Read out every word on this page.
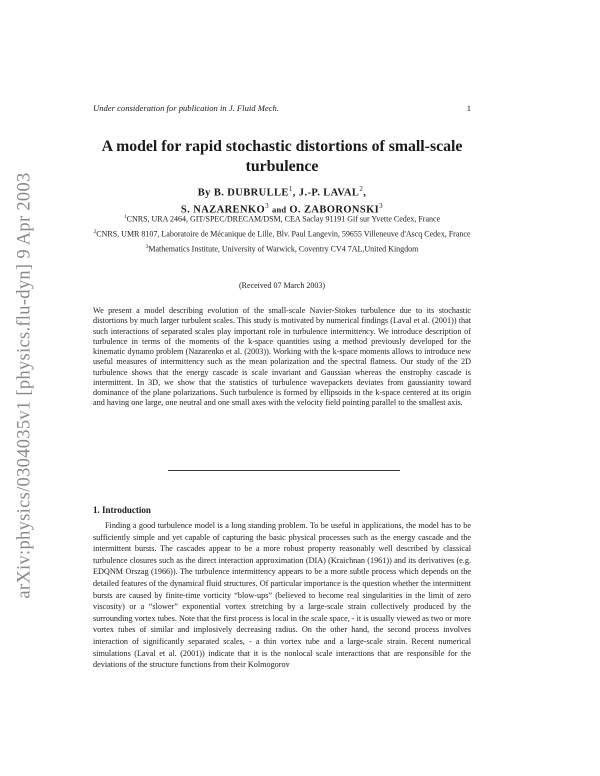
arXiv:physics/0304035v1 [physics.flu-dyn] 9 Apr 2003
Under consideration for publication in J. Fluid Mech.	1
A model for rapid stochastic distortions of small-scale turbulence
By B. DUBRULLE$^1$, J.-P. LAVAL$^2$,
S. NAZARENKO$^3$ and O. ZABORONSKI$^3$
$^1$CNRS, URA 2464, GIT/SPEC/DRECAM/DSM, CEA Saclay 91191 Gif sur Yvette Cedex, France
$^2$CNRS, UMR 8107, Laboratoire de Mécanique de Lille, Blv. Paul Langevin, 59655 Villeneuve d'Ascq Cedex, France
$^3$Mathematics Institute, University of Warwick, Coventry CV4 7AL,United Kingdom
(Received 07 March 2003)
We present a model describing evolution of the small-scale Navier-Stokes turbulence due to its stochastic distortions by much larger turbulent scales. This study is motivated by numerical findings (Laval et al. (2001)) that such interactions of separated scales play important role in turbulence intermittency. We introduce description of turbulence in terms of the moments of the k-space quantities using a method previously developed for the kinematic dynamo problem (Nazarenko et al. (2003)). Working with the k-space moments allows to introduce new useful measures of intermittency such as the mean polarization and the spectral flatness. Our study of the 2D turbulence shows that the energy cascade is scale invariant and Gaussian whereas the enstrophy cascade is intermittent. In 3D, we show that the statistics of turbulence wavepackets deviates from gaussianity toward dominance of the plane polarizations. Such turbulence is formed by ellipsoids in the k-space centered at its origin and having one large, one neutral and one small axes with the velocity field pointing parallel to the smallest axis.
1. Introduction

Finding a good turbulence model is a long standing problem. To be useful in applications, the model has to be sufficiently simple and yet capable of capturing the basic physical processes such as the energy cascade and the intermittent bursts. The cascades appear to be a more robust property reasonably well described by classical turbulence closures such as the direct interaction approximation (DIA) (Kraichnan (1961)) and its derivatives (e.g. EDQNM Orszag (1966)). The turbulence intermittency appears to be a more subtle process which depends on the detailed features of the dynamical fluid structures. Of particular importance is the question whether the intermittent bursts are caused by finite-time vorticity “blow-ups” (believed to become real singularities in the limit of zero viscosity) or a “slower” exponential vortex stretching by a large-scale strain collectively produced by the surrounding vortex tubes. Note that the first process is local in the scale space, - it is usually viewed as two or more vortex tubes of similar and implosively decreasing radius. On the other hand, the second process involves interaction of significantly separated scales, - a thin vortex tube and a large-scale strain. Recent numerical simulations (Laval et al. (2001)) indicate that it is the nonlocal scale interactions that are responsible for the deviations of the structure functions from their Kolmogorov
